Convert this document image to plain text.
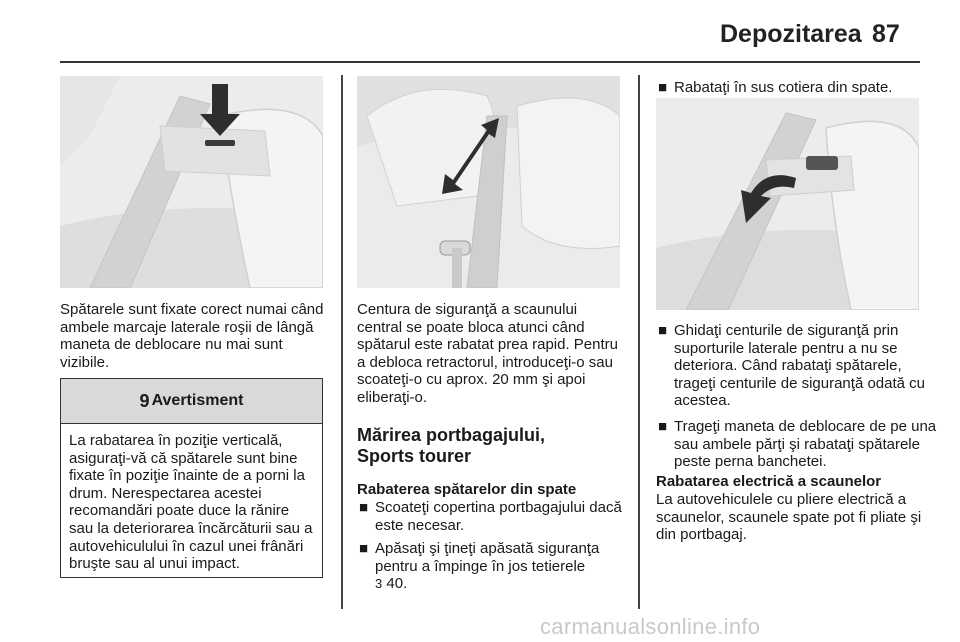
Depozitarea 87
Spătarele sunt fixate corect numai când ambele marcaje laterale roşii de lângă maneta de deblocare nu mai sunt vizibile.
9 Avertisment
La rabatarea în poziţie verticală, asiguraţi-vă că spătarele sunt bine fixate în poziţie înainte de a porni la drum. Nerespectarea acestei recomandări poate duce la rănire sau la deteriorarea încărcăturii sau a autovehiculului în cazul unei frânări bruşte sau al unui impact.
Centura de siguranţă a scaunului central se poate bloca atunci când spătarul este rabatat prea rapid. Pentru a debloca retractorul, introduceţi-o sau scoateţi-o cu aprox. 20 mm şi apoi eliberaţi-o.
Mărirea portbagajului,
Sports tourer
Rabaterea spătarelor din spate
■ Scoateţi copertina portbagajului dacă este necesar.
■ Apăsaţi şi ţineţi apăsată siguranţa pentru a împinge în jos tetierele
3 40.
■ Rabataţi în sus cotiera din spate.
■ Ghidaţi centurile de siguranţă prin suporturile laterale pentru a nu se deteriora. Când rabataţi spătarele, trageţi centurile de siguranţă odată cu acestea.
■ Trageţi maneta de deblocare de pe una sau ambele părţi şi rabataţi spătarele peste perna banchetei.
Rabatarea electrică a scaunelor
La autovehiculele cu pliere electrică a scaunelor, scaunele spate pot fi pliate şi din portbagaj.
carmanualsonline.info
